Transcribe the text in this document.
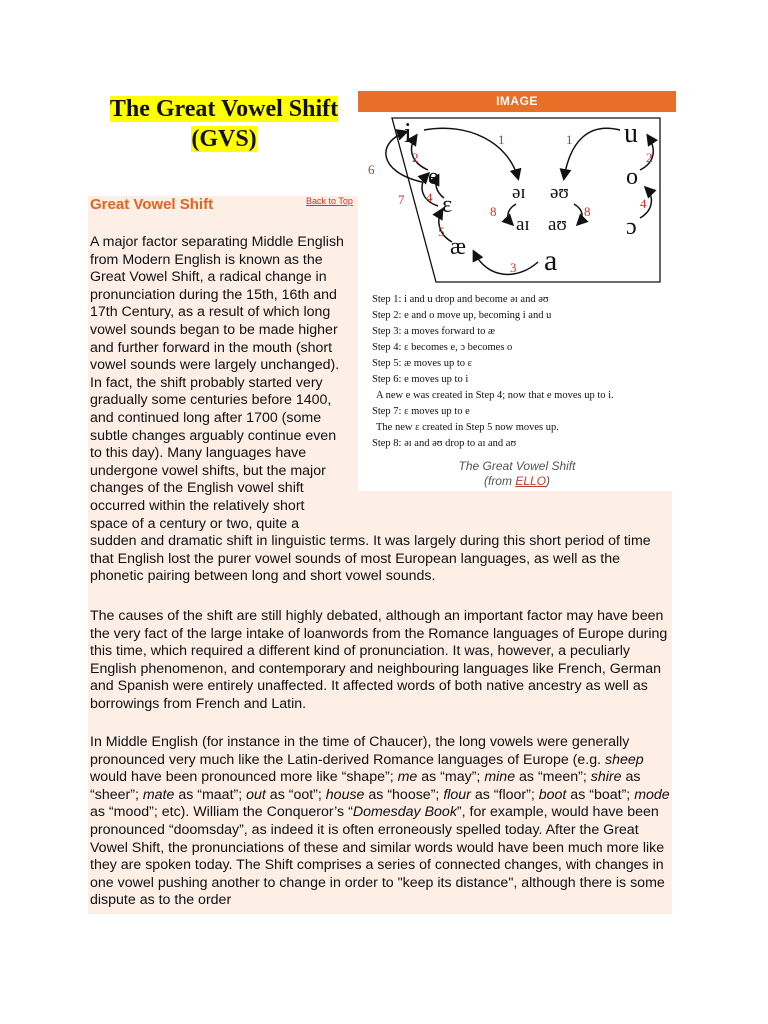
The Great Vowel Shift
(GVS)
Great Vowel Shift	Back to Top

A major factor separating Middle English from Modern English is known as the Great Vowel Shift, a radical change in pronunciation during the 15th, 16th and 17th Century, as a result of which long vowel sounds began to be made higher and further forward in the mouth (short vowel sounds were largely unchanged). In fact, the shift probably started very gradually some centuries before 1400, and continued long after 1700 (some subtle changes arguably continue even to this day). Many languages have undergone vowel shifts, but the major changes of the English vowel shift occurred within the relatively short space of a century or two, quite a sudden and dramatic shift in linguistic terms. It was largely during this short period of time that English lost the purer vowel sounds of most European languages, as well as the phonetic pairing between long and short vowel sounds.

The causes of the shift are still highly debated, although an important factor may have been the very fact of the large intake of loanwords from the Romance languages of Europe during this time, which required a different kind of pronunciation. It was, however, a peculiarly English phenomenon, and contemporary and neighbouring languages like French, German and Spanish were entirely unaffected. It affected words of both native ancestry as well as borrowings from French and Latin.

In Middle English (for instance in the time of Chaucer), the long vowels were generally pronounced very much like the Latin-derived Romance languages of Europe (e.g. sheep would have been pronounced more like “shape”; me as “may”; mine as “meen”; shire as “sheer”; mate as “maat”; out as “oot”; house as “hoose”; flour as “floor”; boot as “boat”; mode as “mood”; etc). William the Conqueror’s “Domesday Book”, for example, would have been pronounced “doomsday”, as indeed it is often erroneously spelled today. After the Great Vowel Shift, the pronunciations of these and similar words would have been much more like they are spoken today. The Shift comprises a series of connected changes, with changes in one vowel pushing another to change in order to "keep its distance", although there is some dispute as to the order

IMAGE
i	u
e	o
ɛ
ɔ
æ	a
əɪ əʊ
aɪ aʊ
1	1
2	2
3
4	4
5
6
7
8	8
Step 1: i and u drop and become əɪ and əʊ
Step 2: e and o move up, becoming i and u
Step 3: a moves forward to æ
Step 4: ɛ becomes e, ɔ becomes o
Step 5: æ moves up to ɛ
Step 6: e moves up to i
A new e was created in Step 4; now that e moves up to i.
Step 7: ɛ moves up to e
The new ɛ created in Step 5 now moves up.
Step 8: əɪ and əʊ drop to aɪ and aʊ
The Great Vowel Shift
(from ELLO)
